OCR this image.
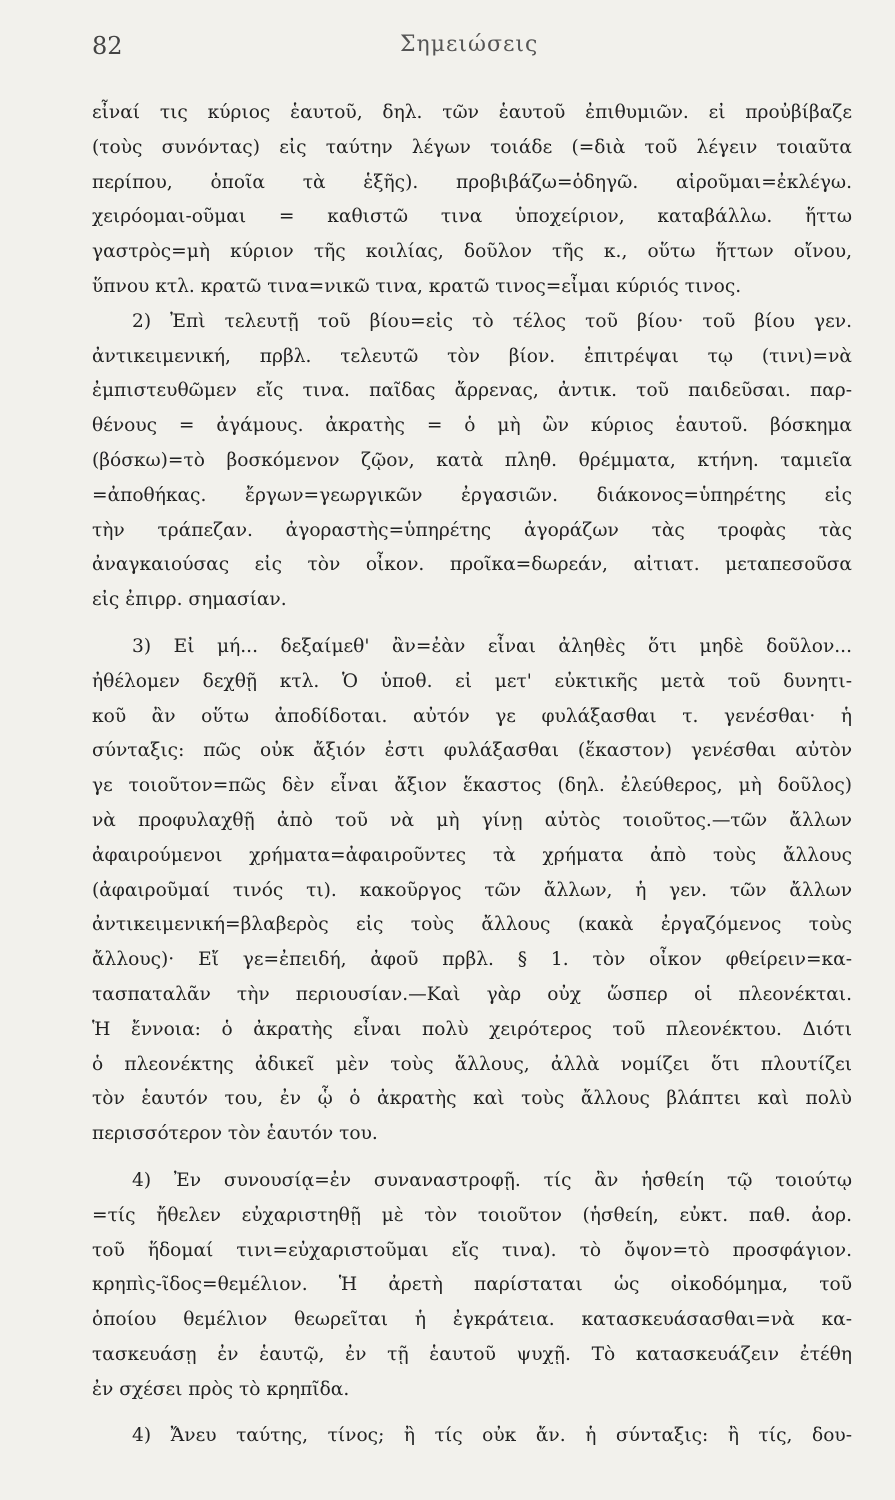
82	Σημειώσεις
εἶναί τις κύριος ἑαυτοῦ, δηλ. τῶν ἑαυτοῦ ἐπιθυμιῶν. εἰ προὐβίβαζε
(τοὺς συνόντας) εἰς ταύτην λέγων τοιάδε (=διὰ τοῦ λέγειν τοιαῦτα
περίπου, ὁποῖα τὰ ἑξῆς). προβιβάζω=ὁδηγῶ. αἱροῦμαι=ἐκλέγω.
χειρόομαι-οῦμαι = καθιστῶ τινα ὑποχείριον, καταβάλλω. ἥττω
γαστρὸς=μὴ κύριον τῆς κοιλίας, δοῦλον τῆς κ., οὕτω ἥττων οἴνου,
ὕπνου κτλ. κρατῶ τινα=νικῶ τινα, κρατῶ τινος=εἶμαι κύριός τινος.
2) Ἐπὶ τελευτῇ τοῦ βίου=εἰς τὸ τέλος τοῦ βίου· τοῦ βίου γεν.
ἀντικειμενική, πρβλ. τελευτῶ τὸν βίον. ἐπιτρέψαι τῳ (τινι)=νὰ
ἐμπιστευθῶμεν εἴς τινα. παῖδας ἄρρενας, ἀντικ. τοῦ παιδεῦσαι. παρ-
θένους = ἀγάμους. ἀκρατὴς = ὁ μὴ ὢν κύριος ἑαυτοῦ. βόσκημα
(βόσκω)=τὸ βοσκόμενον ζῷον, κατὰ πληθ. θρέμματα, κτήνη. ταμιεῖα
=ἀποθήκας. ἔργων=γεωργικῶν ἐργασιῶν. διάκονος=ὑπηρέτης εἰς
τὴν τράπεζαν. ἀγοραστὴς=ὑπηρέτης ἀγοράζων τὰς τροφὰς τὰς
ἀναγκαιούσας εἰς τὸν οἶκον. προῖκα=δωρεάν, αἰτιατ. μεταπεσοῦσα
εἰς ἐπιρρ. σημασίαν.
3) Εἰ μή... δεξαίμεθ' ἂν=ἐὰν εἶναι ἀληθὲς ὅτι μηδὲ δοῦλον...
ἠθέλομεν δεχθῇ κτλ. Ὁ ὑποθ. εἰ μετ' εὐκτικῆς μετὰ τοῦ δυνητι-
κοῦ ἂν οὕτω ἀποδίδοται. αὐτόν γε φυλάξασθαι τ. γενέσθαι· ἡ
σύνταξις: πῶς οὐκ ἄξιόν ἐστι φυλάξασθαι (ἕκαστον) γενέσθαι αὐτὸν
γε τοιοῦτον=πῶς δὲν εἶναι ἄξιον ἕκαστος (δηλ. ἐλεύθερος, μὴ δοῦλος)
νὰ προφυλαχθῇ ἀπὸ τοῦ νὰ μὴ γίνῃ αὐτὸς τοιοῦτος.—τῶν ἄλλων
ἀφαιρούμενοι χρήματα=ἀφαιροῦντες τὰ χρήματα ἀπὸ τοὺς ἄλλους
(ἀφαιροῦμαί τινός τι). κακοῦργος τῶν ἄλλων, ἡ γεν. τῶν ἄλλων
ἀντικειμενική=βλαβερὸς εἰς τοὺς ἄλλους (κακὰ ἐργαζόμενος τοὺς
ἄλλους)· Εἴ γε=ἐπειδή, ἀφοῦ πρβλ. § 1. τὸν οἶκον φθείρειν=κα-
τασπαταλᾶν τὴν περιουσίαν.—Καὶ γὰρ οὐχ ὥσπερ οἱ πλεονέκται.
Ἡ ἔννοια: ὁ ἀκρατὴς εἶναι πολὺ χειρότερος τοῦ πλεονέκτου. Διότι
ὁ πλεονέκτης ἀδικεῖ μὲν τοὺς ἄλλους, ἀλλὰ νομίζει ὅτι πλουτίζει
τὸν ἑαυτόν του, ἐν ᾧ ὁ ἀκρατὴς καὶ τοὺς ἄλλους βλάπτει καὶ πολὺ
περισσότερον τὸν ἑαυτόν του.
4) Ἐν συνουσίᾳ=ἐν συναναστροφῇ. τίς ἂν ἡσθείη τῷ τοιούτῳ
=τίς ἤθελεν εὐχαριστηθῇ μὲ τὸν τοιοῦτον (ἡσθείη, εὐκτ. παθ. ἀορ.
τοῦ ἥδομαί τινι=εὐχαριστοῦμαι εἴς τινα). τὸ ὄψον=τὸ προσφάγιον.
κρηπὶς-ῖδος=θεμέλιον. Ἡ ἀρετὴ παρίσταται ὡς οἰκοδόμημα, τοῦ
ὁποίου θεμέλιον θεωρεῖται ἡ ἐγκράτεια. κατασκευάσασθαι=νὰ κα-
τασκευάσῃ ἐν ἑαυτῷ, ἐν τῇ ἑαυτοῦ ψυχῇ. Τὸ κατασκευάζειν ἐτέθη
ἐν σχέσει πρὸς τὸ κρηπῖδα.
4) Ἄνευ ταύτης, τίνος; ἢ τίς οὐκ ἄν. ἡ σύνταξις: ἢ τίς, δου-
